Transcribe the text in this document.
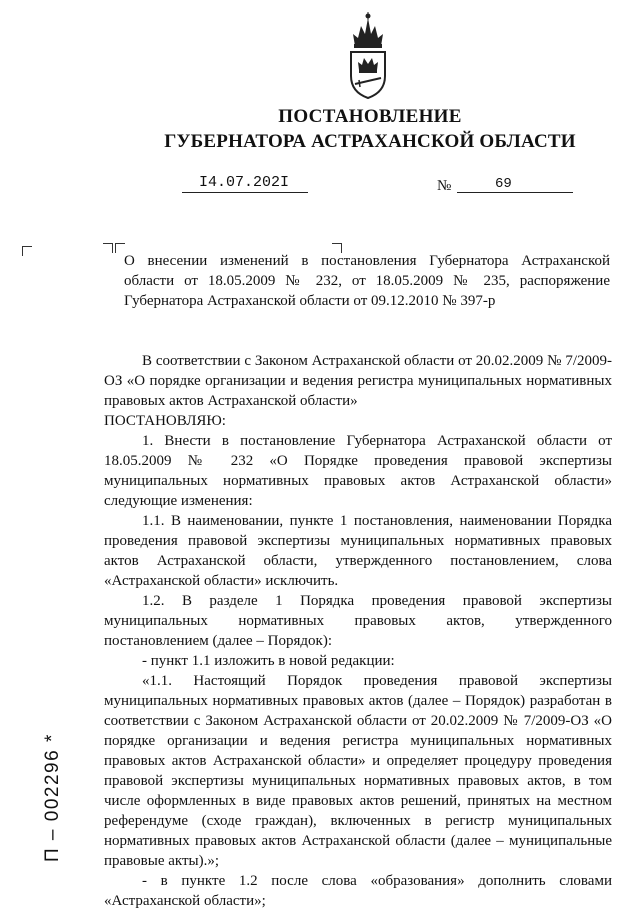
ПОСТАНОВЛЕНИЕ
ГУБЕРНАТОРА АСТРАХАНСКОЙ ОБЛАСТИ
I4.07.202I	№	69
О внесении изменений в постановления Губернатора Астраханской области от 18.05.2009 № 232, от 18.05.2009 № 235, распоряжение Губернатора Астраханской области от 09.12.2010 № 397-р

В соответствии с Законом Астраханской области от 20.02.2009 № 7/2009-ОЗ «О порядке организации и ведения регистра муниципальных нормативных правовых актов Астраханской области»

ПОСТАНОВЛЯЮ:

1. Внести в постановление Губернатора Астраханской области от 18.05.2009 № 232 «О Порядке проведения правовой экспертизы муниципальных нормативных правовых актов Астраханской области» следующие изменения:

1.1. В наименовании, пункте 1 постановления, наименовании Порядка проведения правовой экспертизы муниципальных нормативных правовых актов Астраханской области, утвержденного постановлением, слова «Астраханской области» исключить.

1.2. В разделе 1 Порядка проведения правовой экспертизы муниципальных нормативных правовых актов, утвержденного постановлением (далее – Порядок):

- пункт 1.1 изложить в новой редакции:

«1.1. Настоящий Порядок проведения правовой экспертизы муниципальных нормативных правовых актов (далее – Порядок) разработан в соответствии с Законом Астраханской области от 20.02.2009 № 7/2009-ОЗ «О порядке организации и ведения регистра муниципальных нормативных правовых актов Астраханской области» и определяет процедуру проведения правовой экспертизы муниципальных нормативных правовых актов, в том числе оформленных в виде правовых актов решений, принятых на местном референдуме (сходе граждан), включенных в регистр муниципальных нормативных правовых актов Астраханской области (далее – муниципальные правовые акты).»;

- в пункте 1.2 после слова «образования» дополнить словами «Астраханской области»;

П – 002296 *
